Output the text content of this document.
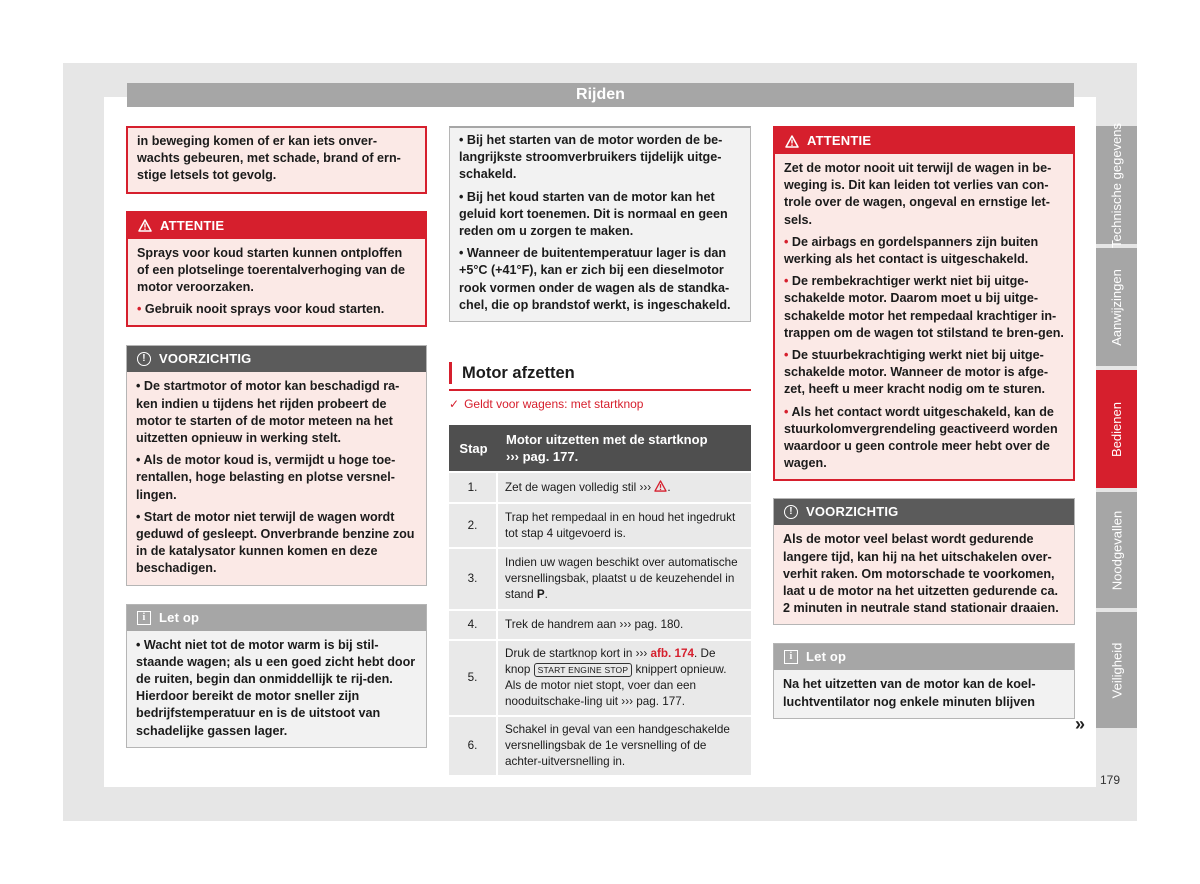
Rijden
in beweging komen of er kan iets onver-wachts gebeuren, met schade, brand of ern-stige letsels tot gevolg.
ATTENTIE

Sprays voor koud starten kunnen ontploffen of een plotselinge toerentalverhoging van de motor veroorzaken.

• Gebruik nooit sprays voor koud starten.

!	VOORZICHTIG

• De startmotor of motor kan beschadigd ra-ken indien u tijdens het rijden probeert de motor te starten of de motor meteen na het uitzetten opnieuw in werking stelt.

• Als de motor koud is, vermijdt u hoge toe-rentallen, hoge belasting en plotse versnel-lingen.

• Start de motor niet terwijl de wagen wordt geduwd of gesleept. Onverbrande benzine zou in de katalysator kunnen komen en deze beschadigen.

i	Let op

• Wacht niet tot de motor warm is bij stil-staande wagen; als u een goed zicht hebt door de ruiten, begin dan onmiddellijk te rij-den. Hierdoor bereikt de motor sneller zijn bedrijfstemperatuur en is de uitstoot van schadelijke gassen lager.

• Bij het starten van de motor worden de be-langrijkste stroomverbruikers tijdelijk uitge-schakeld.

• Bij het koud starten van de motor kan het geluid kort toenemen. Dit is normaal en geen reden om u zorgen te maken.

• Wanneer de buitentemperatuur lager is dan +5°C (+41°F), kan er zich bij een dieselmotor rook vormen onder de wagen als de standka-chel, die op brandstof werkt, is ingeschakeld.

Motor afzetten
✓ Geldt voor wagens: met startknop
Stap	Motor uitzetten met de startknop
››› pag. 177.
1.	Zet de wagen volledig stil ››› .
2.	Trap het rempedaal in en houd het ingedrukt tot stap 4 uitgevoerd is.
3.	Indien uw wagen beschikt over automatische versnellingsbak, plaatst u de keuzehendel in stand P.
4.	Trek de handrem aan ››› pag. 180.
5.	Druk de startknop kort in ››› afb. 174. De knop START ENGINE STOP knippert opnieuw. Als de motor niet stopt, voer dan een nooduitschake-ling uit ››› pag. 177.
6.	Schakel in geval van een handgeschakelde versnellingsbak de 1e versnelling of de achter-uitversnelling in.
ATTENTIE

Zet de motor nooit uit terwijl de wagen in be-weging is. Dit kan leiden tot verlies van con-trole over de wagen, ongeval en ernstige let-sels.

• De airbags en gordelspanners zijn buiten werking als het contact is uitgeschakeld.

• De rembekrachtiger werkt niet bij uitge-schakelde motor. Daarom moet u bij uitge-schakelde motor het rempedaal krachtiger in-trappen om de wagen tot stilstand te bren-gen.

• De stuurbekrachtiging werkt niet bij uitge-schakelde motor. Wanneer de motor is afge-zet, heeft u meer kracht nodig om te sturen.

• Als het contact wordt uitgeschakeld, kan de stuurkolomvergrendeling geactiveerd worden waardoor u geen controle meer hebt over de wagen.

!	VOORZICHTIG

Als de motor veel belast wordt gedurende langere tijd, kan hij na het uitschakelen over-verhit raken. Om motorschade te voorkomen, laat u de motor na het uitzetten gedurende ca. 2 minuten in neutrale stand stationair draaien.

i	Let op

Na het uitzetten van de motor kan de koel-luchtventilator nog enkele minuten blijven

»
Technische gegevens
Aanwijzingen
Bedienen
Noodgevallen
Veiligheid
179
